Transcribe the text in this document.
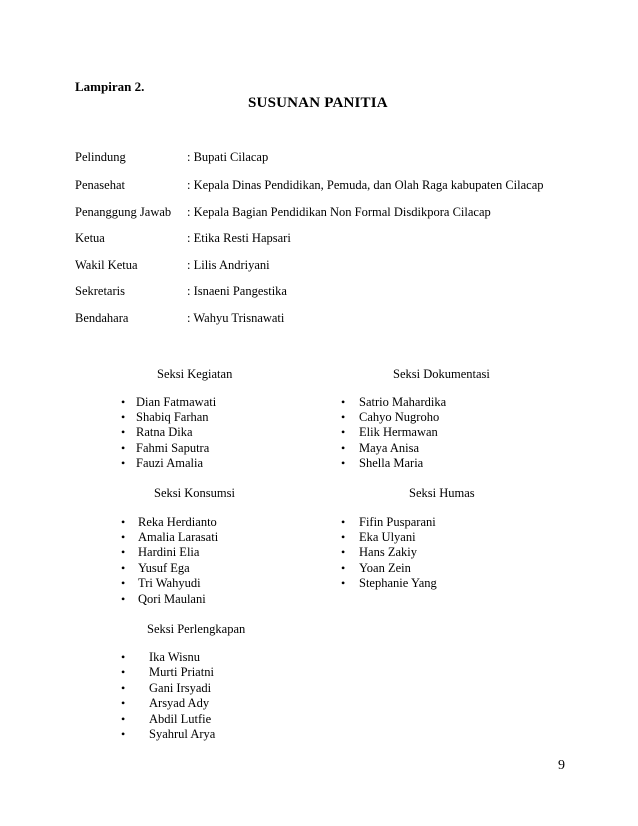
Lampiran 2.
SUSUNAN PANITIA
Pelindung	: Bupati Cilacap
Penasehat	: Kepala Dinas Pendidikan, Pemuda, dan Olah Raga kabupaten Cilacap
Penanggung Jawab : Kepala Bagian Pendidikan Non Formal Disdikpora Cilacap
Ketua	: Etika Resti Hapsari
Wakil Ketua	: Lilis Andriyani
Sekretaris	: Isnaeni Pangestika
Bendahara	: Wahyu Trisnawati
Seksi Kegiatan
• Dian Fatmawati
• Shabiq Farhan
• Ratna Dika
• Fahmi Saputra
• Fauzi Amalia
Seksi Dokumentasi
• Satrio Mahardika
• Cahyo Nugroho
• Elik Hermawan
• Maya Anisa
• Shella Maria
Seksi Konsumsi
• Reka Herdianto
• Amalia Larasati
• Hardini Elia
• Yusuf Ega
• Tri Wahyudi
• Qori Maulani
Seksi Humas
• Fifin Pusparani
• Eka Ulyani
• Hans Zakiy
• Yoan Zein
• Stephanie Yang
Seksi Perlengkapan
• Ika Wisnu
• Murti Priatni
• Gani Irsyadi
• Arsyad Ady
• Abdil Lutfie
• Syahrul Arya
9
